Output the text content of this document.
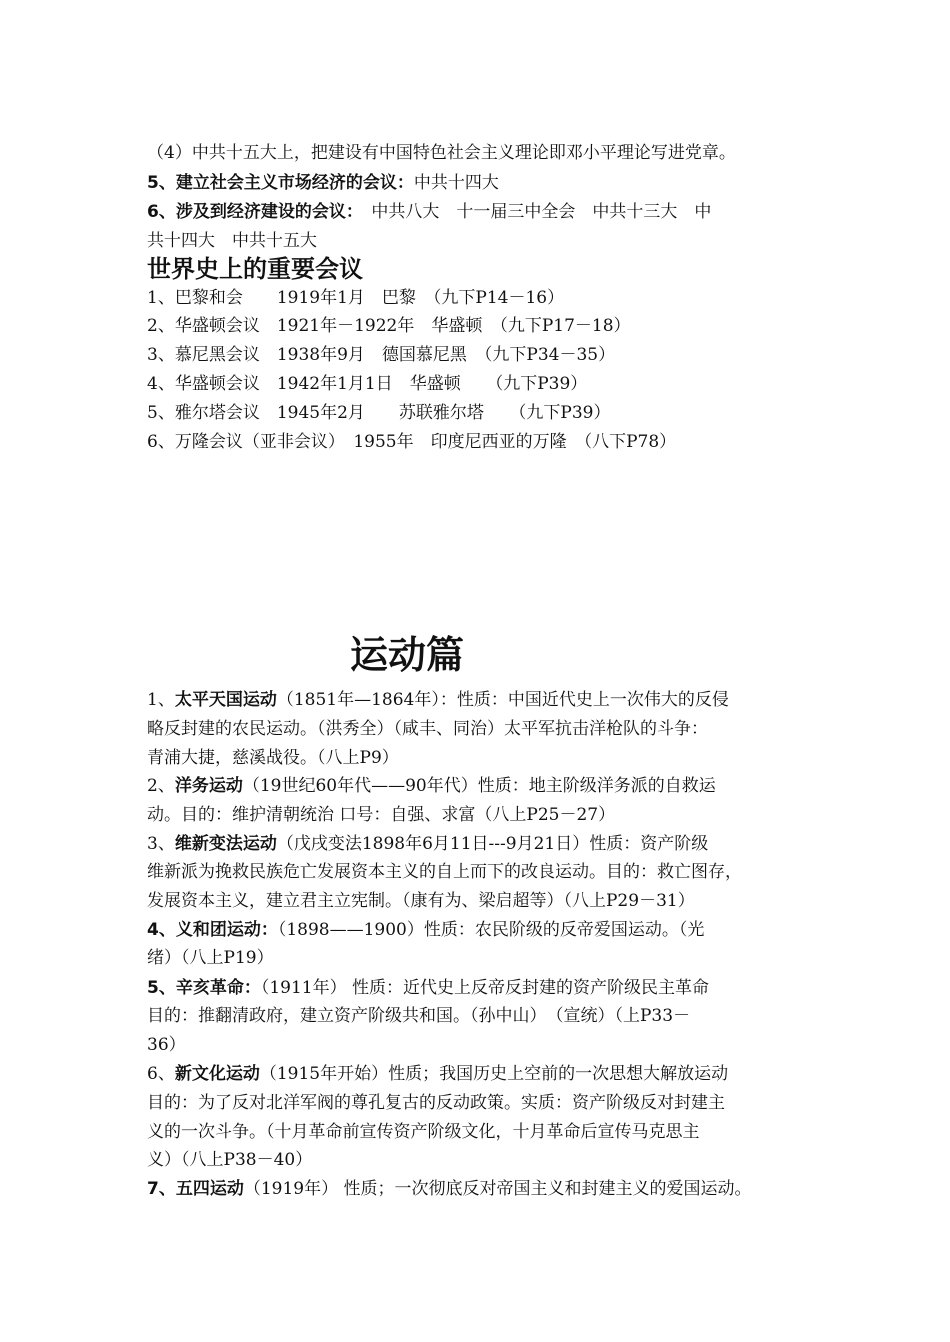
（4）中共十五大上，把建设有中国特色社会主义理论即邓小平理论写进党章。
5、建立社会主义市场经济的会议：中共十四大
6、涉及到经济建设的会议：　中共八大　十一届三中全会　中共十三大　中
共十四大　中共十五大
世界史上的重要会议
1、巴黎和会　　1919年1月　巴黎　（九下P14－16）
2、华盛顿会议　1921年－1922年　华盛顿　（九下P17－18）
3、慕尼黑会议　1938年9月　德国慕尼黑　（九下P34－35）
4、华盛顿会议　1942年1月1日　华盛顿　　（九下P39）
5、雅尔塔会议　1945年2月　　苏联雅尔塔　　（九下P39）
6、万隆会议（亚非会议）　1955年　印度尼西亚的万隆　（八下P78）
运动篇
1、太平天国运动（1851年—1864年）：性质：中国近代史上一次伟大的反侵
略反封建的农民运动。（洪秀全）（咸丰、同治）太平军抗击洋枪队的斗争：
青浦大捷，慈溪战役。（八上P9）
2、洋务运动（19世纪60年代——90年代）性质：地主阶级洋务派的自救运
动。目的：维护清朝统治 口号：自强、求富（八上P25－27）
3、维新变法运动（戊戌变法1898年6月11日---9月21日）性质：资产阶级
维新派为挽救民族危亡发展资本主义的自上而下的改良运动。目的：救亡图存，
发展资本主义，建立君主立宪制。（康有为、梁启超等）（八上P29－31）
4、义和团运动：（1898——1900）性质：农民阶级的反帝爱国运动。（光
绪）（八上P19）
5、辛亥革命：（1911年） 性质：近代史上反帝反封建的资产阶级民主革命
目的：推翻清政府，建立资产阶级共和国。（孙中山）　（宣统）（上P33－
36）
6、新文化运动（1915年开始）性质；我国历史上空前的一次思想大解放运动
目的：为了反对北洋军阀的尊孔复古的反动政策。实质：资产阶级反对封建主
义的一次斗争。（十月革命前宣传资产阶级文化，十月革命后宣传马克思主
义）（八上P38－40）
7、五四运动（1919年） 性质；一次彻底反对帝国主义和封建主义的爱国运动。
